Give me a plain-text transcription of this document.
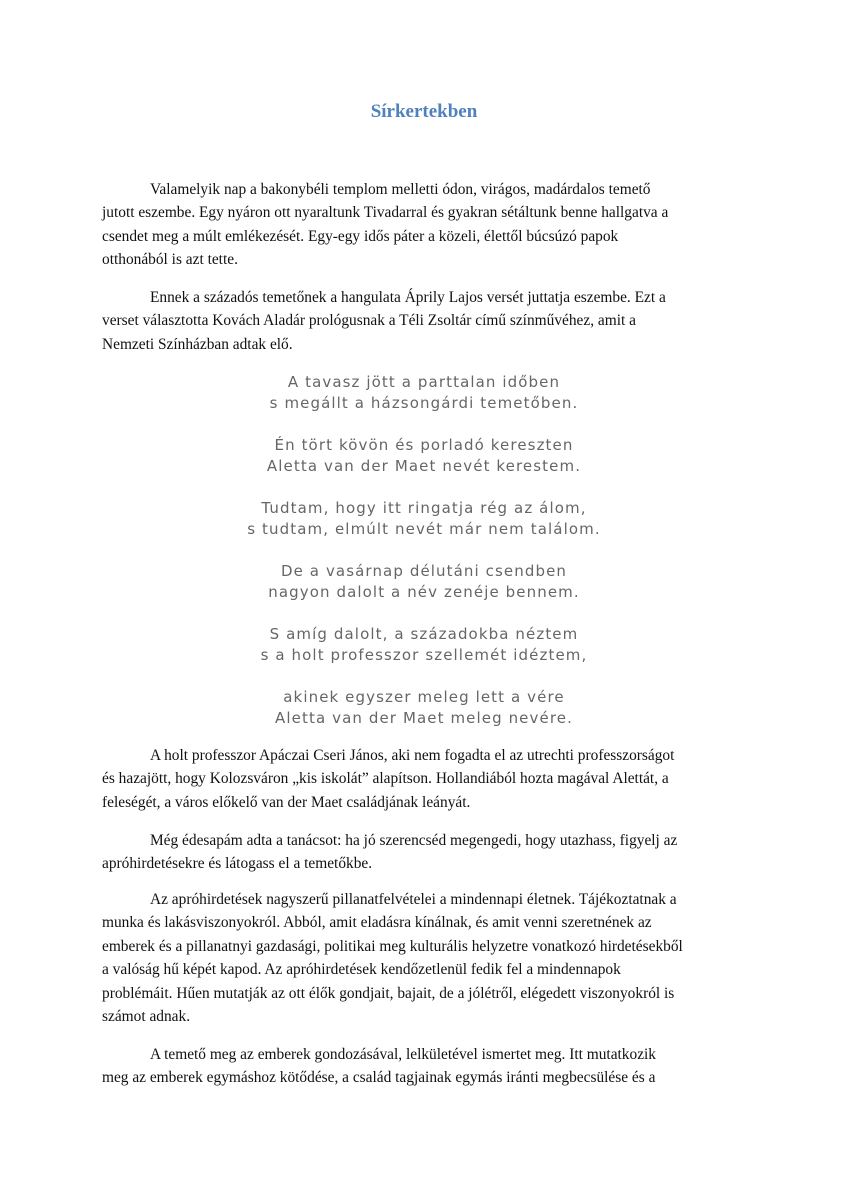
Sírkertekben

Valamelyik nap a bakonybéli templom melletti ódon, virágos, madárdalos temető
jutott eszembe. Egy nyáron ott nyaraltunk Tivadarral és gyakran sétáltunk benne hallgatva a
csendet meg a múlt emlékezését. Egy-egy idős páter a közeli, élettől búcsúzó papok
otthonából is azt tette.

Ennek a századós temetőnek a hangulata Áprily Lajos versét juttatja eszembe. Ezt a
verset választotta Kovách Aladár prológusnak a Téli Zsoltár című színművéhez, amit a
Nemzeti Színházban adtak elő.

A tavasz jött a parttalan időben
s megállt a házsongárdi temetőben.
Én tört kövön és porladó kereszten
Aletta van der Maet nevét kerestem.
Tudtam, hogy itt ringatja rég az álom,
s tudtam, elmúlt nevét már nem találom.
De a vasárnap délutáni csendben
nagyon dalolt a név zenéje bennem.
S amíg dalolt, a századokba néztem
s a holt professzor szellemét idéztem,
akinek egyszer meleg lett a vére
Aletta van der Maet meleg nevére.

A holt professzor Apáczai Cseri János, aki nem fogadta el az utrechti professzorságot
és hazajött, hogy Kolozsváron „kis iskolát” alapítson. Hollandiából hozta magával Alettát, a
feleségét, a város előkelő van der Maet családjának leányát.

Még édesapám adta a tanácsot: ha jó szerencséd megengedi, hogy utazhass, figyelj az
apróhirdetésekre és látogass el a temetőkbe.

Az apróhirdetések nagyszerű pillanatfelvételei a mindennapi életnek. Tájékoztatnak a
munka és lakásviszonyokról. Abból, amit eladásra kínálnak, és amit venni szeretnének az
emberek és a pillanatnyi gazdasági, politikai meg kulturális helyzetre vonatkozó hirdetésekből
a valóság hű képét kapod. Az apróhirdetések kendőzetlenül fedik fel a mindennapok
problémáit. Hűen mutatják az ott élők gondjait, bajait, de a jólétről, elégedett viszonyokról is
számot adnak.

A temető meg az emberek gondozásával, lelkületével ismertet meg. Itt mutatkozik
meg az emberek egymáshoz kötődése, a család tagjainak egymás iránti megbecsülése és a
